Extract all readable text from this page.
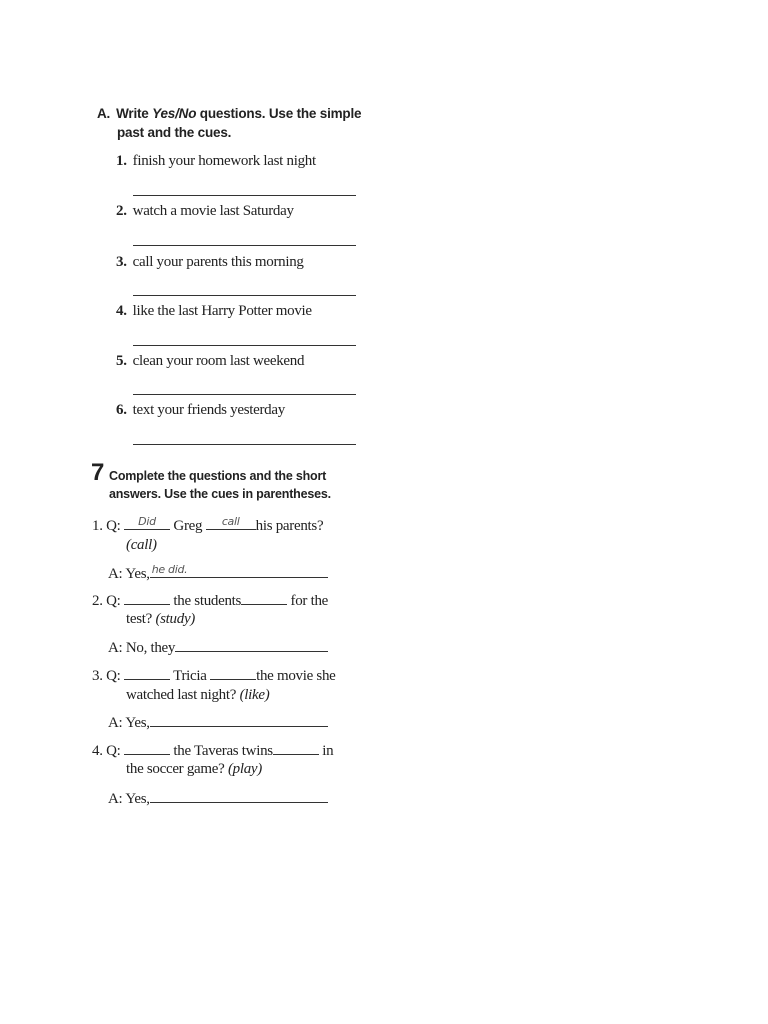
A. Write Yes/No questions. Use the simple
past and the cues.
1. finish your homework last night
2. watch a movie last Saturday
3. call your parents this morning
4. like the last Harry Potter movie
5. clean your room last weekend
6. text your friends yesterday
7 Complete the questions and the short
answers. Use the cues in parentheses.
1. Q:	Did	Greg	call	his parents?
(call)
A: Yes, he did.
2. Q:	the students	for the
test? (study)
A: No, they
3. Q:	Tricia	the movie she
watched last night? (like)
A: Yes,
4. Q:	the Taveras twins	in
the soccer game? (play)
A: Yes,
